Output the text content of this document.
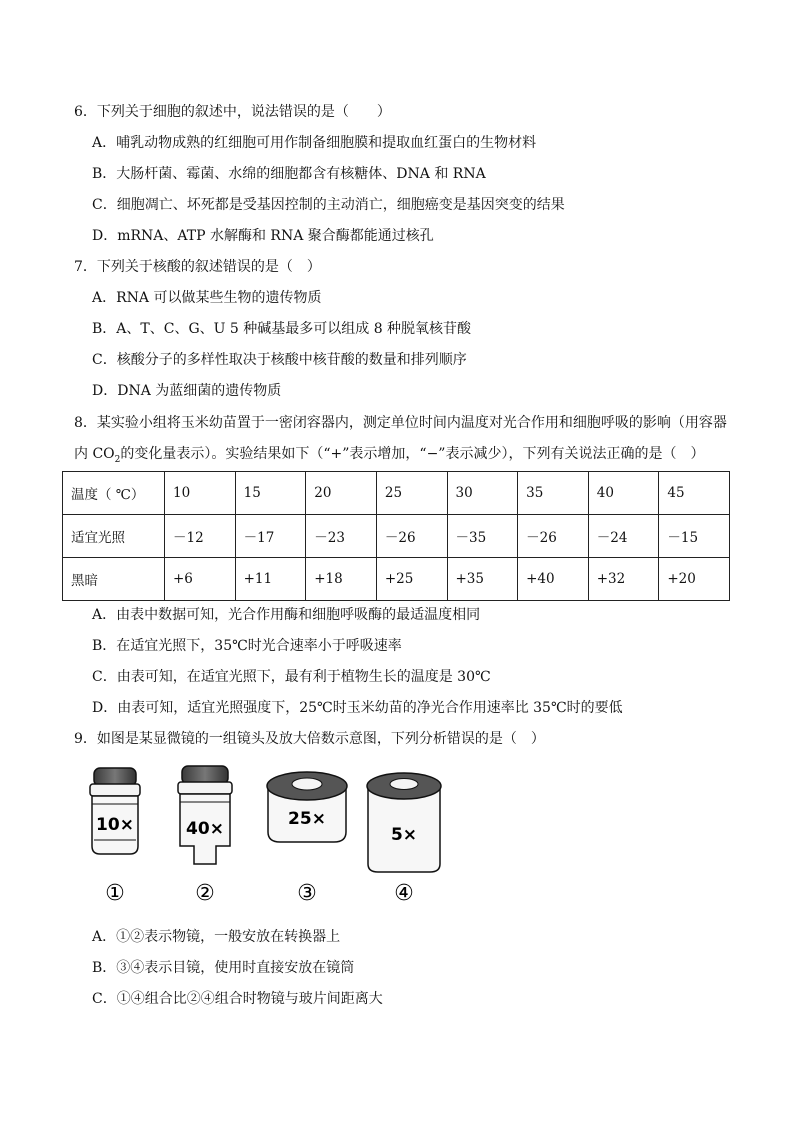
6．下列关于细胞的叙述中，说法错误的是（　　）
A．哺乳动物成熟的红细胞可用作制备细胞膜和提取血红蛋白的生物材料
B．大肠杆菌、霉菌、水绵的细胞都含有核糖体、DNA 和 RNA
C．细胞凋亡、坏死都是受基因控制的主动消亡，细胞癌变是基因突变的结果
D．mRNA、ATP 水解酶和 RNA 聚合酶都能通过核孔
7．下列关于核酸的叙述错误的是（　）
A．RNA 可以做某些生物的遗传物质
B．A、T、C、G、U 5 种碱基最多可以组成 8 种脱氧核苷酸
C．核酸分子的多样性取决于核酸中核苷酸的数量和排列顺序
D．DNA 为蓝细菌的遗传物质
8．某实验小组将玉米幼苗置于一密闭容器内，测定单位时间内温度对光合作用和细胞呼吸的影响（用容器
内 $CO_2$的变化量表示）。实验结果如下（“+”表示增加，“−”表示减少），下列有关说法正确的是（　）
温度（ ℃）	10	15	20	25	30	35	40	45
适宜光照	－12	－17	－23	－26	－35	－26	－24	－15
黑暗	+6	+11	+18	+25	+35	+40	+32	+20
A．由表中数据可知，光合作用酶和细胞呼吸酶的最适温度相同
B．在适宜光照下，35℃时光合速率小于呼吸速率
C．由表可知，在适宜光照下，最有利于植物生长的温度是 30℃
D．由表可知，适宜光照强度下，25℃时玉米幼苗的净光合作用速率比 35℃时的要低
9．如图是某显微镜的一组镜头及放大倍数示意图，下列分析错误的是（　）
10×
①
40×
②
25×
③
5×
④
A．①②表示物镜，一般安放在转换器上
B．③④表示目镜，使用时直接安放在镜筒
C．①④组合比②④组合时物镜与玻片间距离大
